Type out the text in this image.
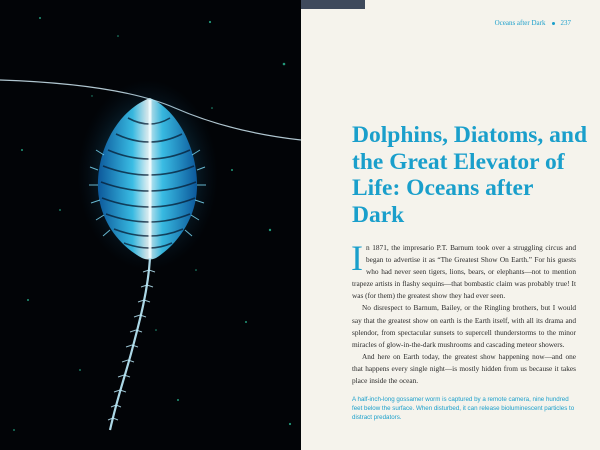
Oceans after Dark 237
Dolphins, Diatoms, and the Great Elevator of Life: Oceans after Dark

In 1871, the impresario P.T. Barnum took over a struggling circus and began to advertise it as “The Greatest Show On Earth.” For his guests who had never seen tigers, lions, bears, or elephants—not to mention trapeze artists in flashy sequins—that bombastic claim was probably true! It was (for them) the greatest show they had ever seen.

No disrespect to Barnum, Bailey, or the Ringling brothers, but I would say that the greatest show on earth is the Earth itself, with all its drama and splendor, from spectacular sunsets to supercell thunderstorms to the minor miracles of glow-in-the-dark mushrooms and cascading meteor showers.

And here on Earth today, the greatest show happening now—and one that happens every single night—is mostly hidden from us because it takes place inside the ocean.

A half-inch-long gossamer worm is captured by a remote camera, nine hundred feet below the surface. When disturbed, it can release bioluminescent particles to distract predators.
